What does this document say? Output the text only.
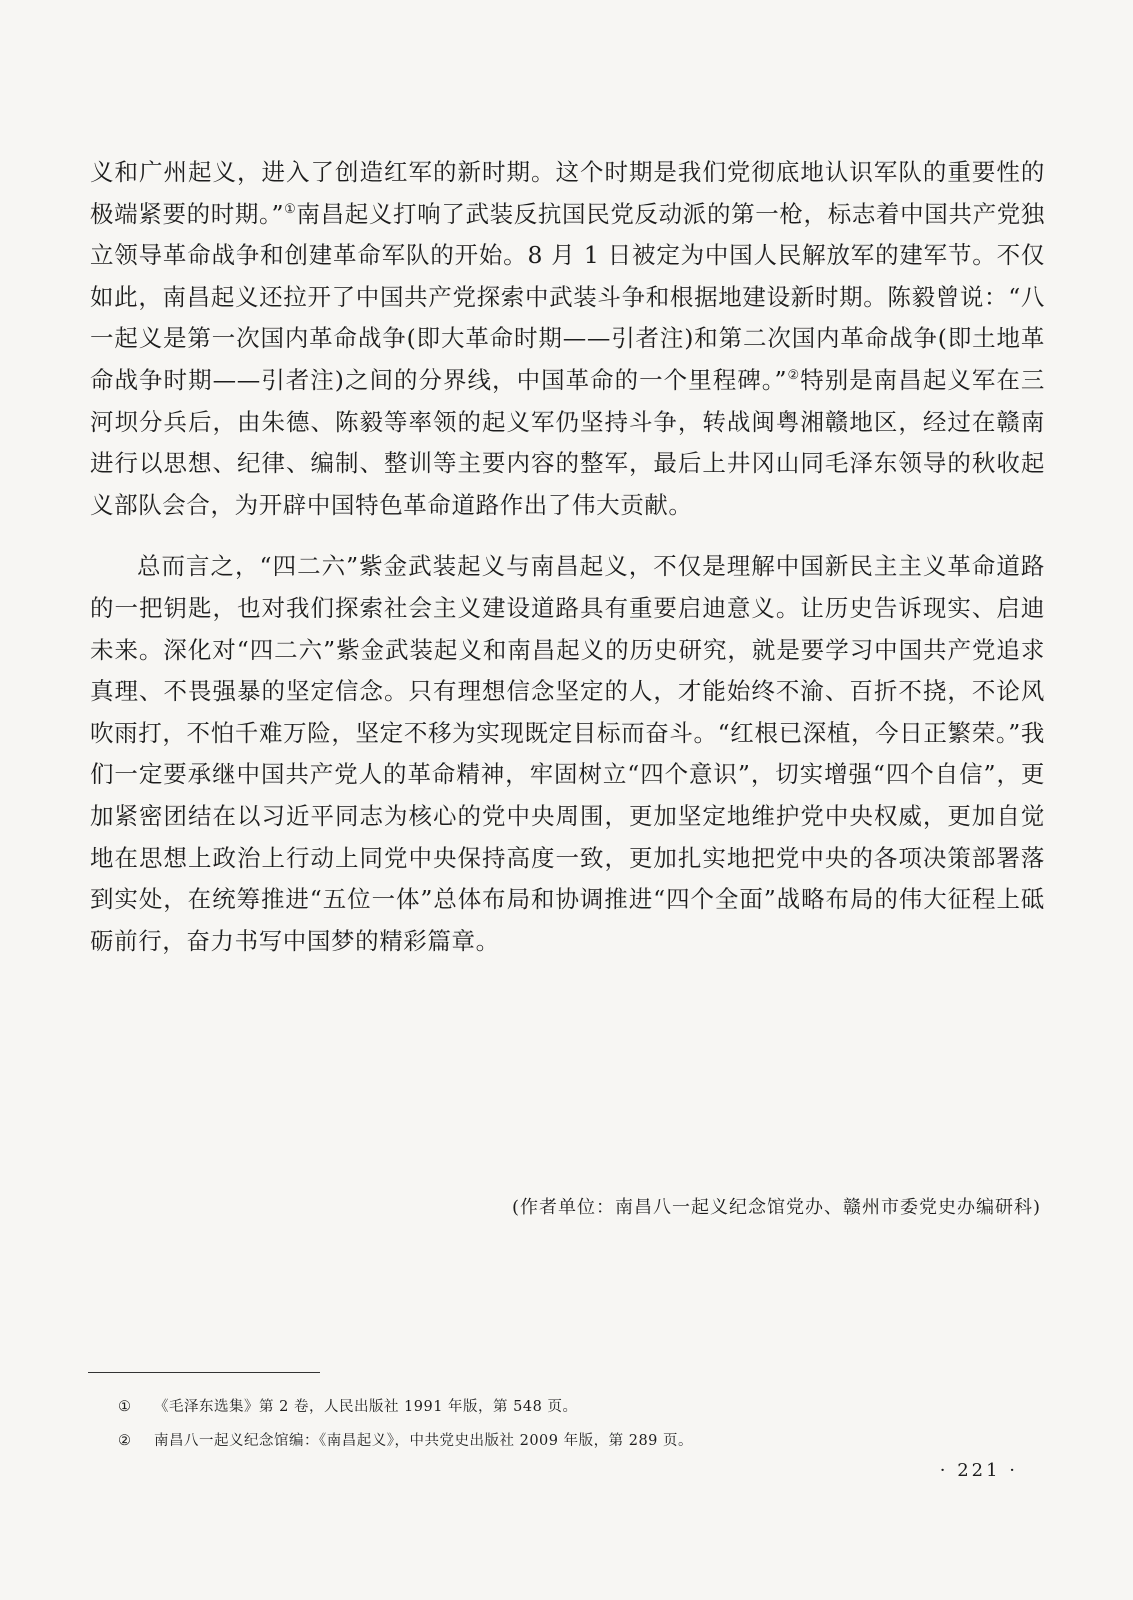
义和广州起义，进入了创造红军的新时期。这个时期是我们党彻底地认识军队的重要性的极端紧要的时期。”①南昌起义打响了武装反抗国民党反动派的第一枪，标志着中国共产党独立领导革命战争和创建革命军队的开始。8 月 1 日被定为中国人民解放军的建军节。不仅如此，南昌起义还拉开了中国共产党探索中武装斗争和根据地建设新时期。陈毅曾说：“八一起义是第一次国内革命战争(即大革命时期——引者注)和第二次国内革命战争(即土地革命战争时期——引者注)之间的分界线，中国革命的一个里程碑。”②特别是南昌起义军在三河坝分兵后，由朱德、陈毅等率领的起义军仍坚持斗争，转战闽粤湘赣地区，经过在赣南进行以思想、纪律、编制、整训等主要内容的整军，最后上井冈山同毛泽东领导的秋收起义部队会合，为开辟中国特色革命道路作出了伟大贡献。

总而言之，“四二六”紫金武装起义与南昌起义，不仅是理解中国新民主主义革命道路的一把钥匙，也对我们探索社会主义建设道路具有重要启迪意义。让历史告诉现实、启迪未来。深化对“四二六”紫金武装起义和南昌起义的历史研究，就是要学习中国共产党追求真理、不畏强暴的坚定信念。只有理想信念坚定的人，才能始终不渝、百折不挠，不论风吹雨打，不怕千难万险，坚定不移为实现既定目标而奋斗。“红根已深植，今日正繁荣。”我们一定要承继中国共产党人的革命精神，牢固树立“四个意识”，切实增强“四个自信”，更加紧密团结在以习近平同志为核心的党中央周围，更加坚定地维护党中央权威，更加自觉地在思想上政治上行动上同党中央保持高度一致，更加扎实地把党中央的各项决策部署落到实处，在统筹推进“五位一体”总体布局和协调推进“四个全面”战略布局的伟大征程上砥砺前行，奋力书写中国梦的精彩篇章。

(作者单位：南昌八一起义纪念馆党办、赣州市委党史办编研科)
① 《毛泽东选集》第 2 卷，人民出版社 1991 年版，第 548 页。
② 南昌八一起义纪念馆编：《南昌起义》，中共党史出版社 2009 年版，第 289 页。
· 221 ·
